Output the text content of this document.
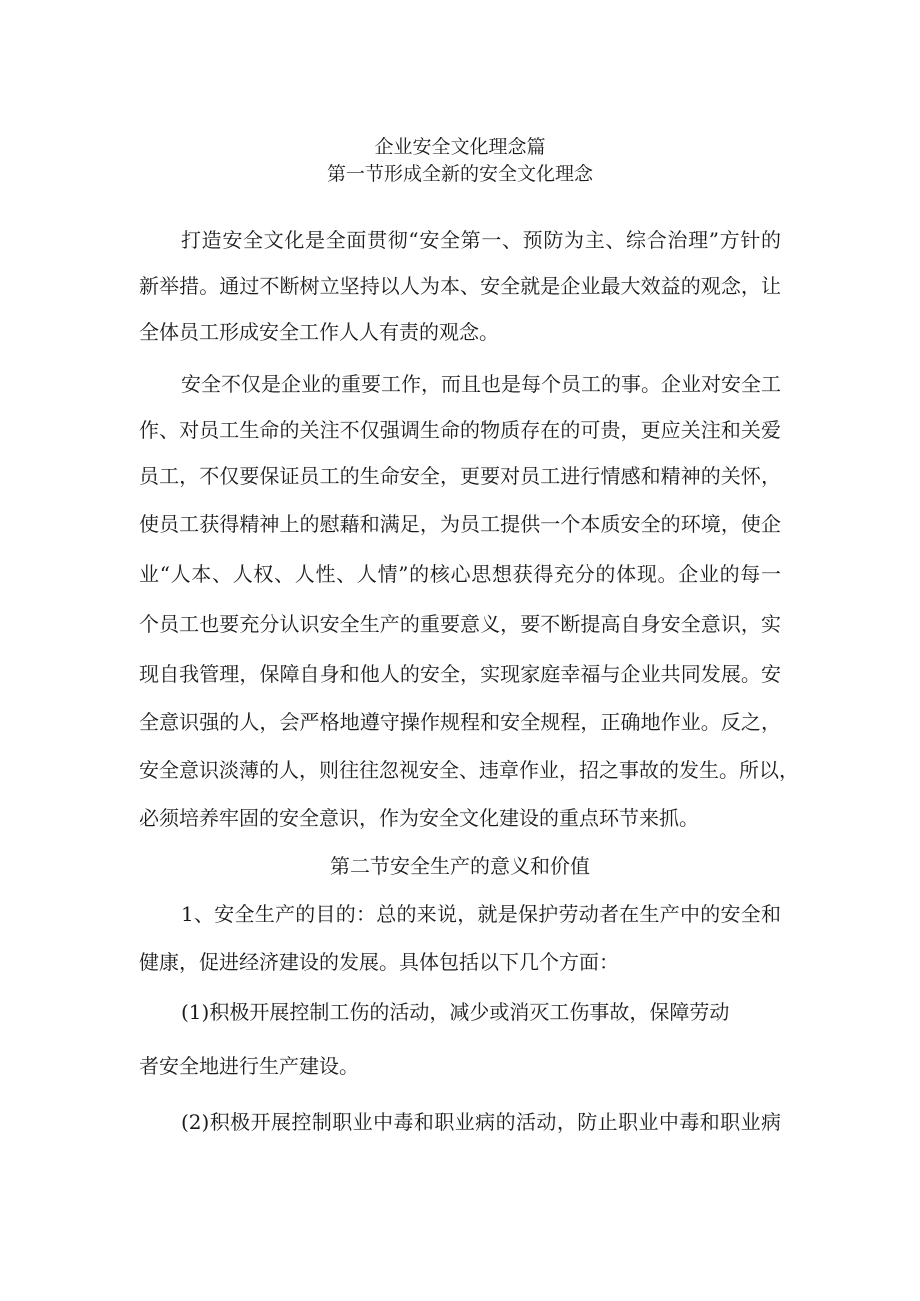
企业安全文化理念篇
第一节形成全新的安全文化理念
打造安全文化是全面贯彻“安全第一、预防为主、综合治理”方针的
新举措。通过不断树立坚持以人为本、安全就是企业最大效益的观念，让
全体员工形成安全工作人人有责的观念。
安全不仅是企业的重要工作，而且也是每个员工的事。企业对安全工
作、对员工生命的关注不仅强调生命的物质存在的可贵，更应关注和关爱
员工，不仅要保证员工的生命安全，更要对员工进行情感和精神的关怀，
使员工获得精神上的慰藉和满足，为员工提供一个本质安全的环境，使企
业“人本、人权、人性、人情”的核心思想获得充分的体现。企业的每一
个员工也要充分认识安全生产的重要意义，要不断提高自身安全意识，实
现自我管理，保障自身和他人的安全，实现家庭幸福与企业共同发展。安
全意识强的人，会严格地遵守操作规程和安全规程，正确地作业。反之，
安全意识淡薄的人，则往往忽视安全、违章作业，招之事故的发生。所以，
必须培养牢固的安全意识，作为安全文化建设的重点环节来抓。
第二节安全生产的意义和价值
1、安全生产的目的：总的来说，就是保护劳动者在生产中的安全和
健康，促进经济建设的发展。具体包括以下几个方面：
(1)积极开展控制工伤的活动，减少或消灭工伤事故，保障劳动
者安全地进行生产建设。
(2)积极开展控制职业中毒和职业病的活动，防止职业中毒和职业病
